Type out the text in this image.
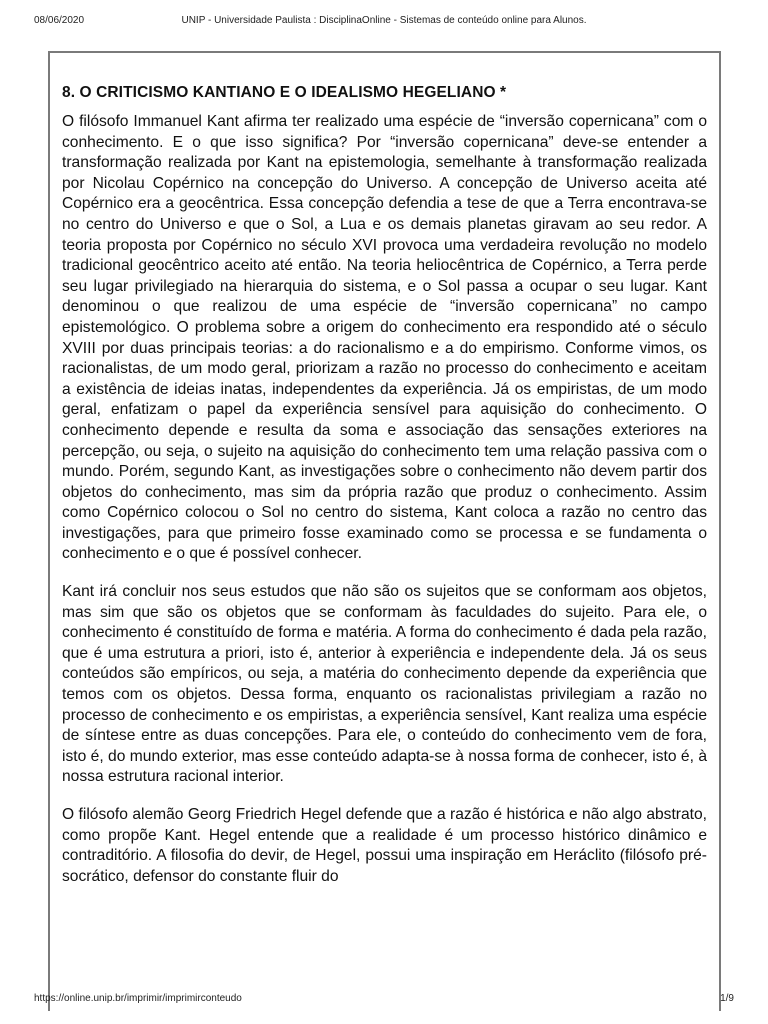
08/06/2020	UNIP - Universidade Paulista : DisciplinaOnline - Sistemas de conteúdo online para Alunos.
8. O CRITICISMO KANTIANO E O IDEALISMO HEGELIANO *

O filósofo Immanuel Kant afirma ter realizado uma espécie de “inversão copernicana” com o conhecimento. E o que isso significa? Por “inversão copernicana” deve-se entender a transformação realizada por Kant na epistemologia, semelhante à transformação realizada por Nicolau Copérnico na concepção do Universo. A concepção de Universo aceita até Copérnico era a geocêntrica. Essa concepção defendia a tese de que a Terra encontrava-se no centro do Universo e que o Sol, a Lua e os demais planetas giravam ao seu redor. A teoria proposta por Copérnico no século XVI provoca uma verdadeira revolução no modelo tradicional geocêntrico aceito até então. Na teoria heliocêntrica de Copérnico, a Terra perde seu lugar privilegiado na hierarquia do sistema, e o Sol passa a ocupar o seu lugar. Kant denominou o que realizou de uma espécie de “inversão copernicana” no campo epistemológico. O problema sobre a origem do conhecimento era respondido até o século XVIII por duas principais teorias: a do racionalismo e a do empirismo. Conforme vimos, os racionalistas, de um modo geral, priorizam a razão no processo do conhecimento e aceitam a existência de ideias inatas, independentes da experiência. Já os empiristas, de um modo geral, enfatizam o papel da experiência sensível para aquisição do conhecimento. O conhecimento depende e resulta da soma e associação das sensações exteriores na percepção, ou seja, o sujeito na aquisição do conhecimento tem uma relação passiva com o mundo. Porém, segundo Kant, as investigações sobre o conhecimento não devem partir dos objetos do conhecimento, mas sim da própria razão que produz o conhecimento. Assim como Copérnico colocou o Sol no centro do sistema, Kant coloca a razão no centro das investigações, para que primeiro fosse examinado como se processa e se fundamenta o conhecimento e o que é possível conhecer.

Kant irá concluir nos seus estudos que não são os sujeitos que se conformam aos objetos, mas sim que são os objetos que se conformam às faculdades do sujeito. Para ele, o conhecimento é constituído de forma e matéria. A forma do conhecimento é dada pela razão, que é uma estrutura a priori, isto é, anterior à experiência e independente dela. Já os seus conteúdos são empíricos, ou seja, a matéria do conhecimento depende da experiência que temos com os objetos. Dessa forma, enquanto os racionalistas privilegiam a razão no processo de conhecimento e os empiristas, a experiência sensível, Kant realiza uma espécie de síntese entre as duas concepções. Para ele, o conteúdo do conhecimento vem de fora, isto é, do mundo exterior, mas esse conteúdo adapta-se à nossa forma de conhecer, isto é, à nossa estrutura racional interior.

O filósofo alemão Georg Friedrich Hegel defende que a razão é histórica e não algo abstrato, como propõe Kant. Hegel entende que a realidade é um processo histórico dinâmico e contraditório. A filosofia do devir, de Hegel, possui uma inspiração em Heráclito (filósofo pré-socrático, defensor do constante fluir do

https://online.unip.br/imprimir/imprimirconteudo	1/9
